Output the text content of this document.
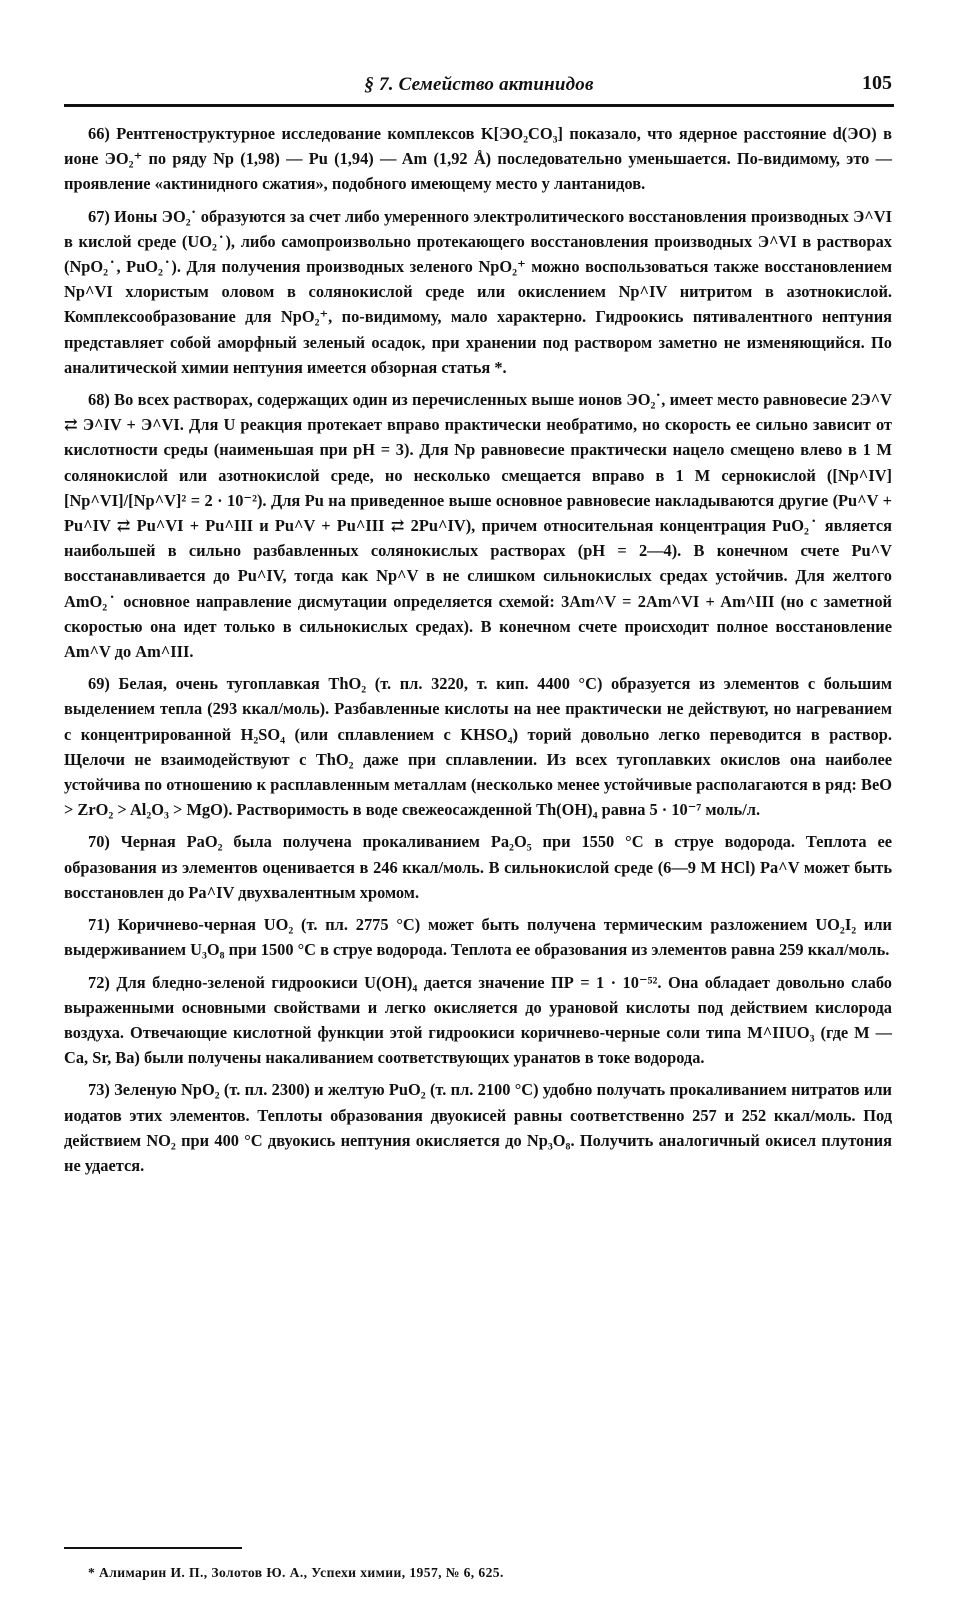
§ 7. Семейство актинидов	105

66) Рентгеноструктурное исследование комплексов K[ЭО₂СО₃] показало, что ядерное расстояние d(ЭО) в ионе ЭО₂⁺ по ряду Np (1,98) — Pu (1,94) — Am (1,92 Å) последовательно уменьшается. По-видимому, это — проявление «актинидного сжатия», подобного имеющему место у лантанидов.

67) Ионы ЭО₂˙ образуются за счет либо умеренного электролитического восстановления производных Э^VI в кислой среде (UO₂˙), либо самопроизвольно протекающего восстановления производных Э^VI в растворах (NpO₂˙, PuO₂˙). Для получения производных зеленого NpO₂⁺ можно воспользоваться также восстановлением Np^VI хлористым оловом в солянокислой среде или окислением Np^IV нитритом в азотнокислой. Комплексообразование для NpO₂⁺, по-видимому, мало характерно. Гидроокись пятивалентного нептуния представляет собой аморфный зеленый осадок, при хранении под раствором заметно не изменяющийся. По аналитической химии нептуния имеется обзорная статья *.

68) Во всех растворах, содержащих один из перечисленных выше ионов ЭО₂˙, имеет место равновесие 2Э^V ⇄ Э^IV + Э^VI. Для U реакция протекает вправо практически необратимо, но скорость ее сильно зависит от кислотности среды (наименьшая при pH = 3). Для Np равновесие практически нацело смещено влево в 1 M солянокислой или азотнокислой среде, но несколько смещается вправо в 1 M сернокислой ([Np^IV][Np^VI]/[Np^V]² = 2 · 10⁻²). Для Pu на приведенное выше основное равновесие накладываются другие (Pu^V + Pu^IV ⇄ Pu^VI + Pu^III и Pu^V + Pu^III ⇄ 2Pu^IV), причем относительная концентрация PuO₂˙ является наибольшей в сильно разбавленных солянокислых растворах (pH = 2—4). В конечном счете Pu^V восстанавливается до Pu^IV, тогда как Np^V в не слишком сильнокислых средах устойчив. Для желтого AmO₂˙ основное направление дисмутации определяется схемой: 3Am^V = 2Am^VI + Am^III (но с заметной скоростью она идет только в сильнокислых средах). В конечном счете происходит полное восстановление Am^V до Am^III.

69) Белая, очень тугоплавкая ThO₂ (т. пл. 3220, т. кип. 4400 °С) образуется из элементов с большим выделением тепла (293 ккал/моль). Разбавленные кислоты на нее практически не действуют, но нагреванием с концентрированной H₂SO₄ (или сплавлением с KHSO₄) торий довольно легко переводится в раствор. Щелочи не взаимодействуют с ThO₂ даже при сплавлении. Из всех тугоплавких окислов она наиболее устойчива по отношению к расплавленным металлам (несколько менее устойчивые располагаются в ряд: BeO > ZrO₂ > Al₂O₃ > MgO). Растворимость в воде свежеосажденной Th(OH)₄ равна 5 · 10⁻⁷ моль/л.

70) Черная PaO₂ была получена прокаливанием Pa₂O₅ при 1550 °С в струе водорода. Теплота ее образования из элементов оценивается в 246 ккал/моль. В сильнокислой среде (6—9 M HCl) Pa^V может быть восстановлен до Pa^IV двухвалентным хромом.

71) Коричнево-черная UO₂ (т. пл. 2775 °С) может быть получена термическим разложением UO₂I₂ или выдерживанием U₃O₈ при 1500 °С в струе водорода. Теплота ее образования из элементов равна 259 ккал/моль.

72) Для бледно-зеленой гидроокиси U(OH)₄ дается значение ПР = 1 · 10⁻⁵². Она обладает довольно слабо выраженными основными свойствами и легко окисляется до урановой кислоты под действием кислорода воздуха. Отвечающие кислотной функции этой гидроокиси коричнево-черные соли типа M^IIUO₃ (где M — Ca, Sr, Ba) были получены накаливанием соответствующих уранатов в токе водорода.

73) Зеленую NpO₂ (т. пл. 2300) и желтую PuO₂ (т. пл. 2100 °С) удобно получать прокаливанием нитратов или иодатов этих элементов. Теплоты образования двуокисей равны соответственно 257 и 252 ккал/моль. Под действием NO₂ при 400 °С двуокись нептуния окисляется до Np₃O₈. Получить аналогичный окисел плутония не удается.

* Алимарин И. П., Золотов Ю. А., Успехи химии, 1957, № 6, 625.
